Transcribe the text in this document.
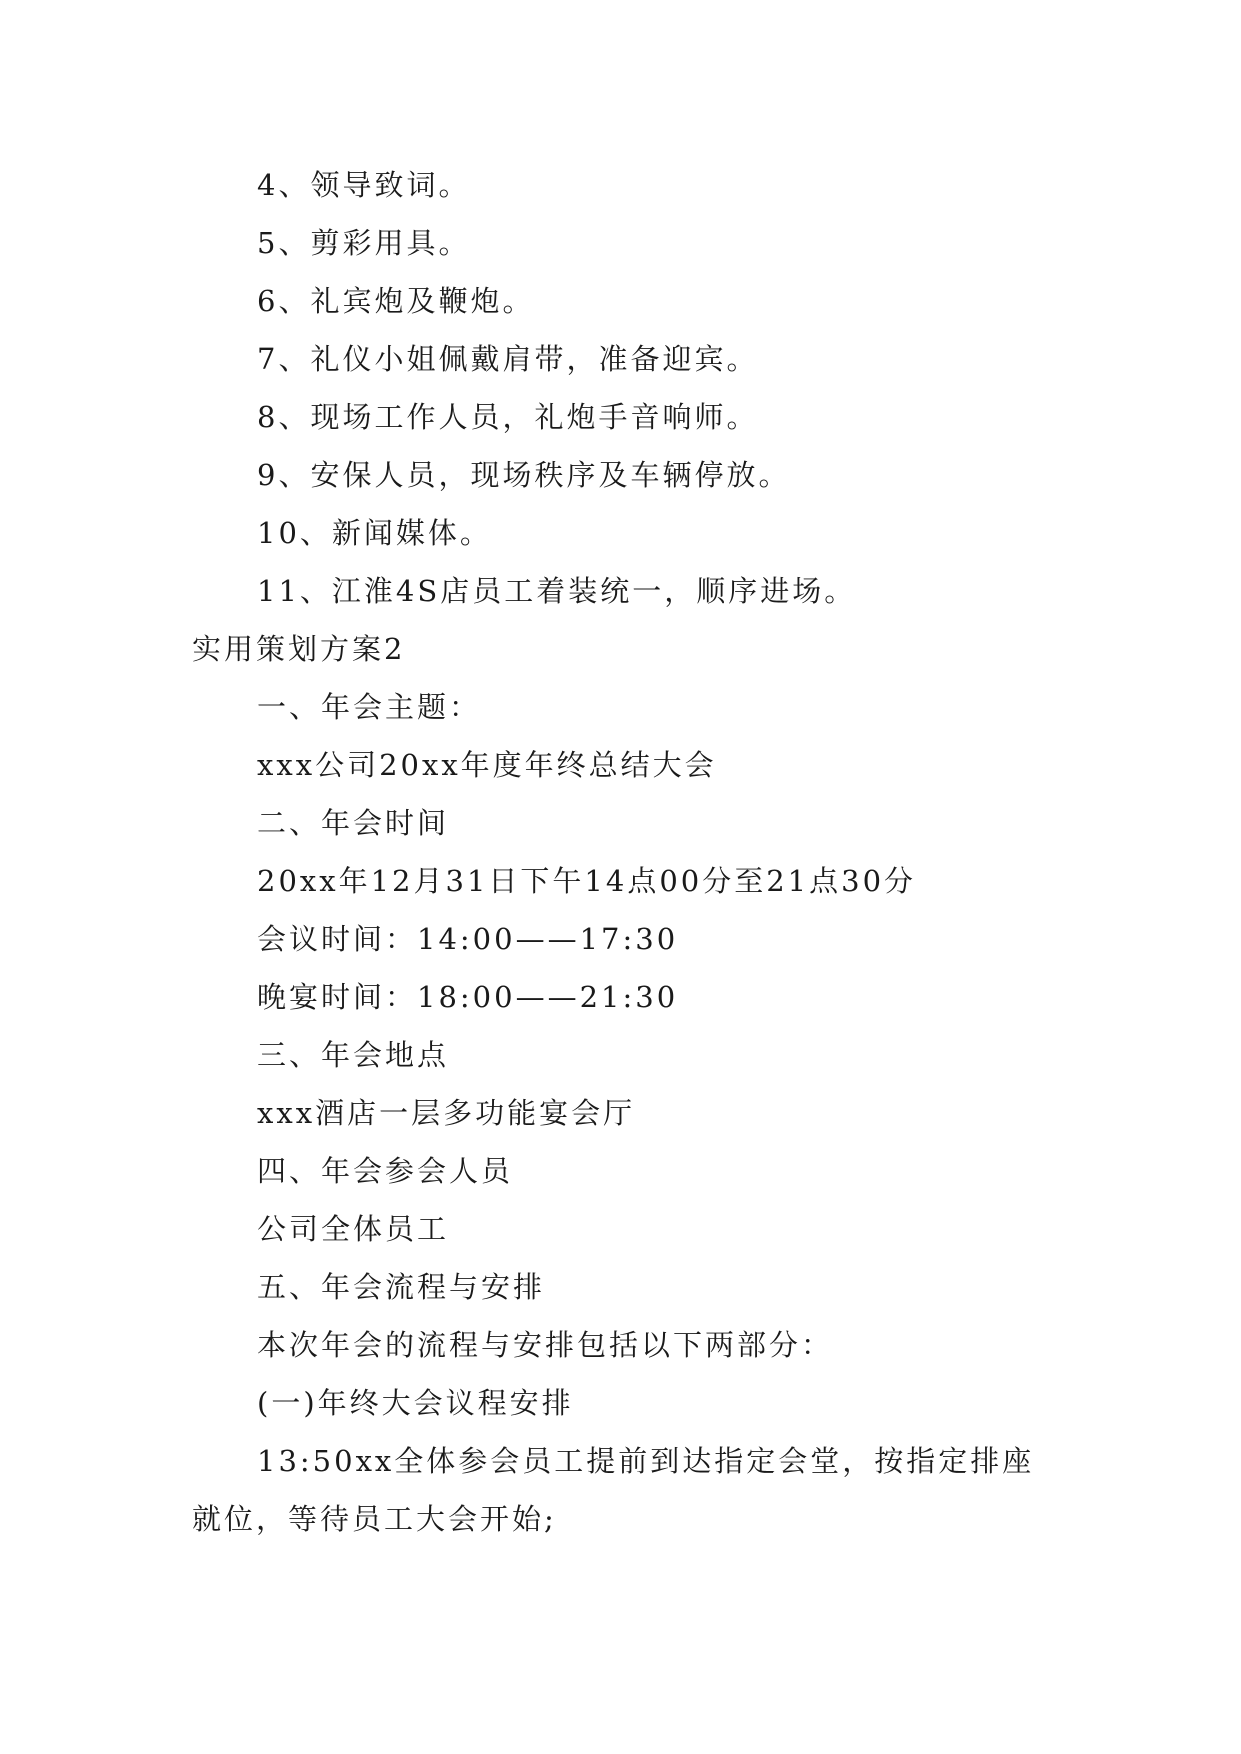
4、领导致词。
5、剪彩用具。
6、礼宾炮及鞭炮。
7、礼仪小姐佩戴肩带，准备迎宾。
8、现场工作人员，礼炮手音响师。
9、安保人员，现场秩序及车辆停放。
10、新闻媒体。
11、江淮4S店员工着装统一，顺序进场。
实用策划方案2
一、年会主题：
xxx公司20xx年度年终总结大会
二、年会时间
20xx年12月31日下午14点00分至21点30分
会议时间：14:00——17:30
晚宴时间：18:00——21:30
三、年会地点
xxx酒店一层多功能宴会厅
四、年会参会人员
公司全体员工
五、年会流程与安排
本次年会的流程与安排包括以下两部分：
(一)年终大会议程安排
13:50xx全体参会员工提前到达指定会堂，按指定排座
就位，等待员工大会开始;
